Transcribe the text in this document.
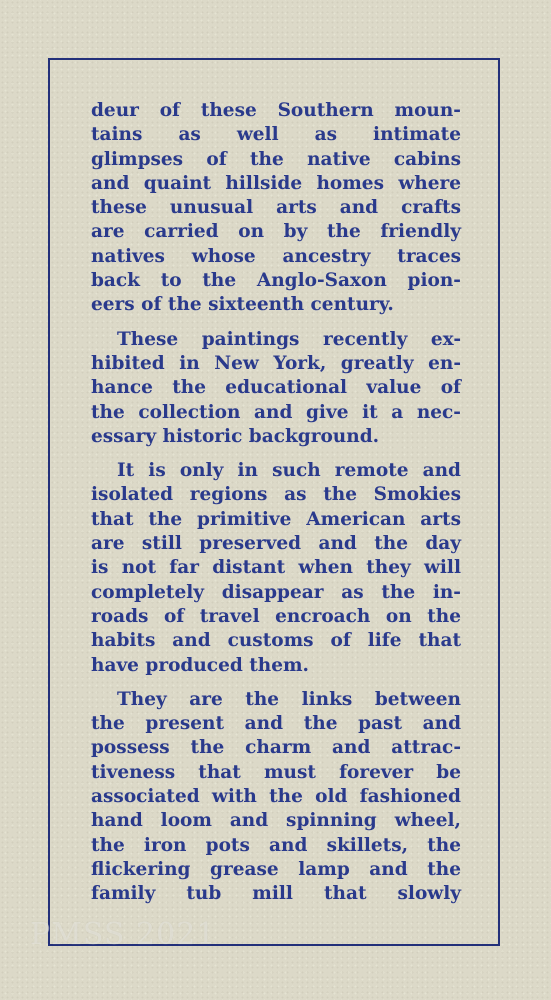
deur of these Southern moun-
tains as well as intimate
glimpses of the native cabins
and quaint hillside homes where
these unusual arts and crafts
are carried on by the friendly
natives whose ancestry traces
back to the Anglo-Saxon pion-
eers of the sixteenth century.

These paintings recently ex-
hibited in New York, greatly en-
hance the educational value of
the collection and give it a nec-
essary historic background.

It is only in such remote and
isolated regions as the Smokies
that the primitive American arts
are still preserved and the day
is not far distant when they will
completely disappear as the in-
roads of travel encroach on the
habits and customs of life that
have produced them.

They are the links between
the present and the past and
possess the charm and attrac-
tiveness that must forever be
associated with the old fashioned
hand loom and spinning wheel,
the iron pots and skillets, the
flickering grease lamp and the
family tub mill that slowly

PMSS 2021
